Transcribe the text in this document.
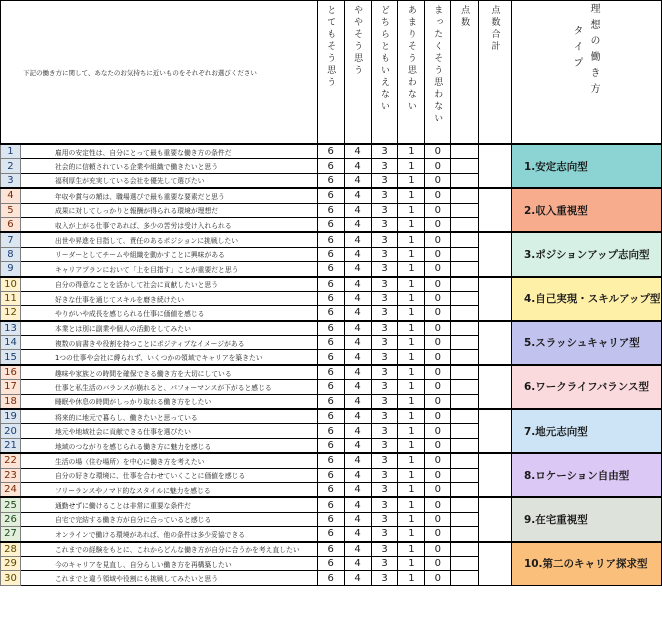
下記の働き方に関して、あなたのお気持ちに近いものをそれぞれお選びください		とてもそう思う	ややそう思う	どちらともいえない	あまりそう思わない	まったくそう思わない	点数	点数合計	理想の働き方
タイプ

1	雇用の安定性は、自分にとって最も重要な働き方の条件だ	6	4	3	1	0			1.安定志向型
2	社会的に信頼されている企業や組織で働きたいと思う	6	4	3	1	0			
3	福利厚生が充実している会社を優先して選びたい	6	4	3	1	0			
4	年収や賞与の額は、職場選びで最も重要な要素だと思う	6	4	3	1	0			2.収入重視型
5	成果に対してしっかりと報酬が得られる環境が理想だ	6	4	3	1	0			
6	収入が上がる仕事であれば、多少の苦労は受け入れられる	6	4	3	1	0			
7	出世や昇進を目指して、責任のあるポジションに挑戦したい	6	4	3	1	0			3.ポジションアップ志向型
8	リーダーとしてチームや組織を動かすことに興味がある	6	4	3	1	0			
9	キャリアプランにおいて「上を目指す」ことが重要だと思う	6	4	3	1	0			
10	自分の得意なことを活かして社会に貢献したいと思う	6	4	3	1	0			4.自己実現・スキルアップ型
11	好きな仕事を通じてスキルを磨き続けたい	6	4	3	1	0			
12	やりがいや成長を感じられる仕事に価値を感じる	6	4	3	1	0			
13	本業とは別に副業や個人の活動をしてみたい	6	4	3	1	0			5.スラッシュキャリア型
14	複数の肩書きや役割を持つことにポジティブなイメージがある	6	4	3	1	0			
15	1つの仕事や会社に縛られず、いくつかの領域でキャリアを築きたい	6	4	3	1	0			
16	趣味や家族との時間を確保できる働き方を大切にしている	6	4	3	1	0			6.ワークライフバランス型
17	仕事と私生活のバランスが崩れると、パフォーマンスが下がると感じる	6	4	3	1	0			
18	睡眠や休息の時間がしっかり取れる働き方をしたい	6	4	3	1	0			
19	将来的に地元で暮らし、働きたいと思っている	6	4	3	1	0			7.地元志向型
20	地元や地域社会に貢献できる仕事を選びたい	6	4	3	1	0			
21	地域のつながりを感じられる働き方に魅力を感じる	6	4	3	1	0			
22	生活の場（住む場所）を中心に働き方を考えたい	6	4	3	1	0			8.ロケーション自由型
23	自分の好きな環境に、仕事を合わせていくことに価値を感じる	6	4	3	1	0			
24	フリーランスやノマド的なスタイルに魅力を感じる	6	4	3	1	0			
25	通勤せずに働けることは非常に重要な条件だ	6	4	3	1	0			9.在宅重視型
26	自宅で完結する働き方が自分に合っていると感じる	6	4	3	1	0			
27	オンラインで働ける環境があれば、他の条件は多少妥協できる	6	4	3	1	0			
28	これまでの経験をもとに、これからどんな働き方が自分に合うかを考え直したい	6	4	3	1	0			10.第二のキャリア探求型
29	今のキャリアを見直し、自分らしい働き方を再構築したい	6	4	3	1	0			
30	これまでと違う領域や役割にも挑戦してみたいと思う	6	4	3	1	0			
